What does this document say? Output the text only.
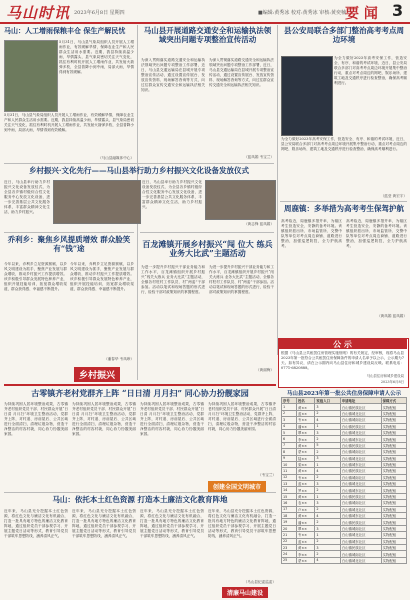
马山时讯 2023年6月8日 星期四	■编辑:黄秀冰 校对:黄秀冰 审核:黄奕楠 要 闻 3
马山：人工增雨保粮丰仓 保生产解民忧
5月31日，马山县气象局组织人员开展人工增雨作业，有效缓解旱情，保障农业生产和人民群众生活用水需要。近期，我县持续高温少雨，旱情露头，县气象局密切关注天气变化，抓住有利时机开展人工增雨作业，共发射火箭弹多枚，全县普降小到中雨，局部大雨，旱情得到有效缓解。
5月31日，马山县气象局组织人员开展人工增雨作业，有效缓解旱情，保障农业生产和人民群众生活用水需要。近期，我县持续高温少雨，旱情露头，县气象局密切关注天气变化，抓住有利时机开展人工增雨作业，共发射火箭弹多枚，全县普降小到中雨，局部大雨，旱情得到有效缓解。
（马山县融媒体中心）
乡村振兴·文化先行——马山县举行助力乡村振兴文化设备发放仪式
近日，马山县举行助力乡村振兴文化设备发放仪式，为全县各乡镇村级综合性文化服务中心发放文化设备，进一步完善基层公共文化服务体系，丰富群众精神文化生活，助力乡村振兴。
近日，马山县举行助力乡村振兴文化设备发放仪式，为全县各乡镇村级综合性文化服务中心发放文化设备，进一步完善基层公共文化服务体系，丰富群众精神文化生活，助力乡村振兴。
（黄志锋 蓝凤娟）
乔利乡：聚焦乡风提质增效 群众脸笑有“钱”途
今年以来，乔利乡立足资源禀赋，以乡风文明建设为抓手，聚焦产业发展与群众增收，推动乡村振兴工作提质增效。该乡积极引导群众发展特色种养产业，组织开展技能培训，拓宽群众增收渠道，群众获得感、幸福感不断提升。
今年以来，乔利乡立足资源禀赋，以乡风文明建设为抓手，聚焦产业发展与群众增收，推动乡村振兴工作提质增效。该乡积极引导群众发展特色种养产业，组织开展技能培训，拓宽群众增收渠道，群众获得感、幸福感不断提升。
（潘春华 韦凤珍）
乡村振兴
马山县开展道路交通安全和运输执法领域突出问题专项整治宣传活动
为深入贯彻落实道路交通安全和运输执法领域突出问题专项整治工作部署，近日，马山县交通运输局在县城开展专项整治宣传活动，通过设置宣传展台、发放宣传资料、现场解答咨询等方式，向过往群众宣传交通安全和运输执法相关知识。
为深入贯彻落实道路交通安全和运输执法领域突出问题专项整治工作部署，近日，马山县交通运输局在县城开展专项整治宣传活动，通过设置宣传展台、发放宣传资料、现场解答咨询等方式，向过往群众宣传交通安全和运输执法相关知识。
（蓝凤娟 韦宝兰）
百龙滩镇开展乡村振兴“闯 位大 练兵 业务大比武”主题活动
为进一步提升乡村振兴干部业务能力和工作水平，百龙滩镇组织开展乡村振兴“闯关大练兵 业务大比武”主题活动，全镇各村驻村工作队员、村“两委”干部参加。活动以笔试和现场答题的形式进行，检验干部对政策知识的掌握程度。
为进一步提升乡村振兴干部业务能力和工作水平，百龙滩镇组织开展乡村振兴“闯关大练兵 业务大比武”主题活动，全镇各村驻村工作队员、村“两委”干部参加。活动以笔试和现场答题的形式进行，检验干部对政策知识的掌握程度。
（黄丽梅）
县公安局联合多部门整治高考考点周边环境
为全力做好2023年高考安保工作，营造安全、有序、和谐的考试环境，近日，县公安局联合多部门对高考考点周边环境开展集中整治行动，重点对考点周边的网吧、娱乐场所、建筑工地及交通秩序进行检查整治，确保高考顺利进行。
为全力做好2023年高考安保工作，营造安全、有序、和谐的考试环境，近日，县公安局联合多部门对高考考点周边环境开展集中整治行动，重点对考点周边的网吧、娱乐场所、建筑工地及交通秩序进行检查整治，确保高考顺利进行。
（蓝莹 黄宏宇）
周鹿镇：多举措为高考考生保驾护航
高考临近，周鹿镇多措并举，为辖区考生营造安全、安静的备考环境。该镇组织派出所、市场监管所、交警中队等单位对考点周边商铺、道路进行整治，加强巡逻防控，全力护航高考。
高考临近，周鹿镇多措并举，为辖区考生营造安全、安静的备考环境。该镇组织派出所、市场监管所、交警中队等单位对考点周边商铺、道路进行整治，加强巡逻防控，全力护航高考。
（黄凤娟 蓝凤娟）
公 示
根据《马山县公共租赁住房管理实施细则》的有关规定，经审核，现将马山县2023年第一批符合公共租赁住房保障条件的申请人名单予以公示，公示期为7天。如有异议，请在公示期内向马山县住房和城乡建设局反映。联系电话：0771-6820888。
马山县住房和城乡建设局
2023年6月8日
马山县2023年第一批公共住房保障申请人公示
序号	姓名	家庭人口	申请地址	保障方式
1	黄××	3	白山镇民族社区	实物配租
2	蓝××	2	白山镇城北社区	实物配租
3	韦××	4	白山镇城南社区	实物配租
4	潘××	1	白山镇民族社区	实物配租
5	覃××	3	白山镇城北社区	实物配租
6	李××	2	白山镇城东社区	实物配租
7	黄××	5	白山镇民族社区	实物配租
8	蒙××	2	白山镇城南社区	实物配租
9	陆××	3	白山镇城北社区	实物配租
10	梁××	1	白山镇城东社区	实物配租
11	黄××	4	白山镇民族社区	实物配租
12	韦××	2	白山镇城南社区	实物配租
13	蓝××	3	白山镇城北社区	实物配租
14	罗××	2	白山镇城东社区	实物配租
15	黄××	1	白山镇民族社区	实物配租
16	农××	3	白山镇城南社区	实物配租
17	卢××	2	白山镇城北社区	实物配租
18	黄××	4	白山镇城东社区	实物配租
19	潘××	2	白山镇民族社区	实物配租
20	覃××	3	白山镇城南社区	实物配租
21	韦××	1	白山镇城北社区	实物配租
22	蓝××	2	白山镇城东社区	实物配租
23	黄××	3	白山镇民族社区	实物配租
24	李××	2	白山镇城南社区	实物配租
25	蒙××	4	白山镇城北社区	实物配租
古零镇齐老村党群齐上阵 “日日清 月月扫” 同心协力扮靓家园
为持续巩固人居环境整治成果，古零镇齐老村组织党员干部、村民群众开展“日日清 月月扫”环境卫生整治活动，党群齐上阵，对村道、房前屋后、公共区域进行全面清扫，清理垃圾杂物，营造干净整洁的村容村貌，同心协力扮靓美丽家园。
为持续巩固人居环境整治成果，古零镇齐老村组织党员干部、村民群众开展“日日清 月月扫”环境卫生整治活动，党群齐上阵，对村道、房前屋后、公共区域进行全面清扫，清理垃圾杂物，营造干净整洁的村容村貌，同心协力扮靓美丽家园。
为持续巩固人居环境整治成果，古零镇齐老村组织党员干部、村民群众开展“日日清 月月扫”环境卫生整治活动，党群齐上阵，对村道、房前屋后、公共区域进行全面清扫，清理垃圾杂物，营造干净整洁的村容村貌，同心协力扮靓美丽家园。
为持续巩固人居环境整治成果，古零镇齐老村组织党员干部、村民群众开展“日日清 月月扫”环境卫生整治活动，党群齐上阵，对村道、房前屋后、公共区域进行全面清扫，清理垃圾杂物，营造干净整洁的村容村貌，同心协力扮靓美丽家园。
（韦宝兰）
创建全国文明城市
马山：依托本土红色资源 打造本土廉洁文化教育阵地
近年来，马山县充分挖掘本土红色资源，将红色文化与廉洁文化有机融合，打造一批具有地方特色的廉洁文化教育阵地，通过组织党员干部参观学习、开展主题党日活动等形式，教育引导党员干部筑牢思想防线，涵养清风正气。
近年来，马山县充分挖掘本土红色资源，将红色文化与廉洁文化有机融合，打造一批具有地方特色的廉洁文化教育阵地，通过组织党员干部参观学习、开展主题党日活动等形式，教育引导党员干部筑牢思想防线，涵养清风正气。
近年来，马山县充分挖掘本土红色资源，将红色文化与廉洁文化有机融合，打造一批具有地方特色的廉洁文化教育阵地，通过组织党员干部参观学习、开展主题党日活动等形式，教育引导党员干部筑牢思想防线，涵养清风正气。
近年来，马山县充分挖掘本土红色资源，将红色文化与廉洁文化有机融合，打造一批具有地方特色的廉洁文化教育阵地，通过组织党员干部参观学习、开展主题党日活动等形式，教育引导党员干部筑牢思想防线，涵养清风正气。
（马山县纪委监委）
清廉马山建设
